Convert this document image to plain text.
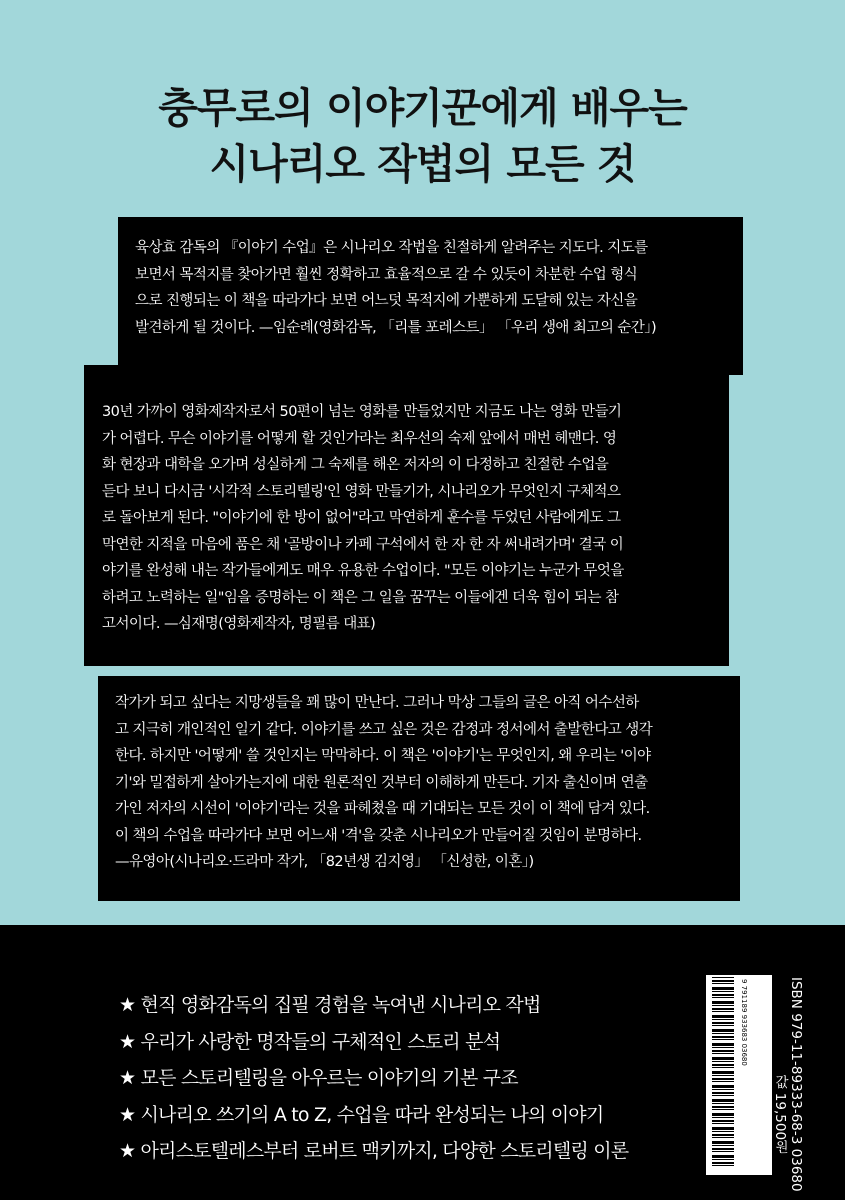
충무로의 이야기꾼에게 배우는
시나리오 작법의 모든 것
육상효 감독의 『이야기 수업』은 시나리오 작법을 친절하게 알려주는 지도다. 지도를
보면서 목적지를 찾아가면 훨씬 정확하고 효율적으로 갈 수 있듯이 차분한 수업 형식
으로 진행되는 이 책을 따라가다 보면 어느덧 목적지에 가뿐하게 도달해 있는 자신을
발견하게 될 것이다. —임순례(영화감독, 「리틀 포레스트」 「우리 생애 최고의 순간」)
30년 가까이 영화제작자로서 50편이 넘는 영화를 만들었지만 지금도 나는 영화 만들기
가 어렵다. 무슨 이야기를 어떻게 할 것인가라는 최우선의 숙제 앞에서 매번 헤맨다. 영
화 현장과 대학을 오가며 성실하게 그 숙제를 해온 저자의 이 다정하고 친절한 수업을
듣다 보니 다시금 '시각적 스토리텔링'인 영화 만들기가, 시나리오가 무엇인지 구체적으
로 돌아보게 된다. "이야기에 한 방이 없어"라고 막연하게 훈수를 두었던 사람에게도 그
막연한 지적을 마음에 품은 채 '골방이나 카페 구석에서 한 자 한 자 써내려가며' 결국 이
야기를 완성해 내는 작가들에게도 매우 유용한 수업이다. "모든 이야기는 누군가 무엇을
하려고 노력하는 일"임을 증명하는 이 책은 그 일을 꿈꾸는 이들에겐 더욱 힘이 되는 참
고서이다. —심재명(영화제작자, 명필름 대표)
작가가 되고 싶다는 지망생들을 꽤 많이 만난다. 그러나 막상 그들의 글은 아직 어수선하
고 지극히 개인적인 일기 같다. 이야기를 쓰고 싶은 것은 감정과 정서에서 출발한다고 생각
한다. 하지만 '어떻게' 쓸 것인지는 막막하다. 이 책은 '이야기'는 무엇인지, 왜 우리는 '이야
기'와 밀접하게 살아가는지에 대한 원론적인 것부터 이해하게 만든다. 기자 출신이며 연출
가인 저자의 시선이 '이야기'라는 것을 파헤쳤을 때 기대되는 모든 것이 이 책에 담겨 있다.
이 책의 수업을 따라가다 보면 어느새 '격'을 갖춘 시나리오가 만들어질 것임이 분명하다.
—유영아(시나리오·드라마 작가, 「82년생 김지영」 「신성한, 이혼」)
★ 현직 영화감독의 집필 경험을 녹여낸 시나리오 작법
★ 우리가 사랑한 명작들의 구체적인 스토리 분석
★ 모든 스토리텔링을 아우르는 이야기의 기본 구조
★ 시나리오 쓰기의 A to Z, 수업을 따라 완성되는 나의 이야기
★ 아리스토텔레스부터 로버트 맥키까지, 다양한 스토리텔링 이론
9 791189 933683 03680
값 19,500원 ISBN 979-11-89333-68-3 03680
